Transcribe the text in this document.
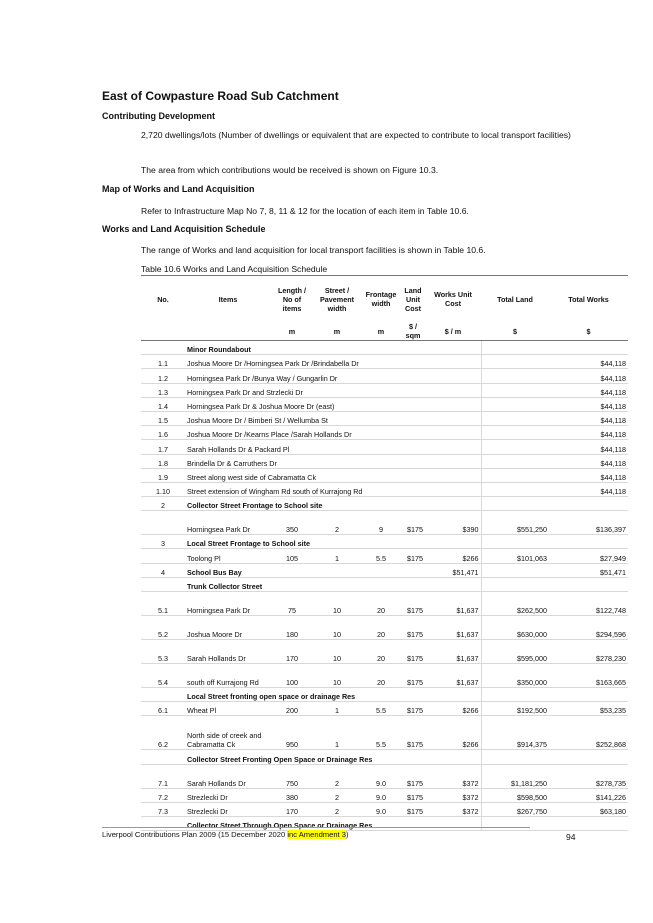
East of Cowpasture Road Sub Catchment
Contributing Development
2,720 dwellings/lots (Number of dwellings or equivalent that are expected to contribute to local transport facilities)
The area from which contributions would be received is shown on Figure 10.3.
Map of Works and Land Acquisition
Refer to Infrastructure Map No 7, 8, 11 & 12 for the location of each item in Table 10.6.
Works and Land Acquisition Schedule
The range of Works and land acquisition for local transport facilities is shown in Table 10.6.
Table 10.6 Works and Land Acquisition Schedule
No.	Items	Length / No of items	Street / Pavement width	Frontage width	Land Unit Cost	Works Unit Cost	Total Land	Total Works
		m	m	m	$ / sqm	$ / m	$	$
	Minor Roundabout							
1.1	Joshua Moore Dr /Horningsea Park Dr /Brindabella Dr							$44,118
1.2	Horningsea Park Dr /Bunya Way / Gungarlin Dr							$44,118
1.3	Horningsea Park Dr and Strzlecki Dr							$44,118
1.4	Horningsea Park Dr & Joshua Moore Dr (east)							$44,118
1.5	Joshua Moore Dr / Bimberi St / Wellumba St							$44,118
1.6	Joshua Moore Dr /Kearns Place /Sarah Hollands Dr							$44,118
1.7	Sarah Hollands Dr & Packard Pl							$44,118
1.8	Brindella Dr & Carruthers Dr							$44,118
1.9	Street along west side of Cabramatta Ck							$44,118
1.10	Street extension of Wingham Rd south of Kurrajong Rd							$44,118
2	Collector Street Frontage to School site							
	Horningsea Park Dr	350	2	9	$175	$390	$551,250	$136,397
3	Local Street Frontage to School site							
	Toolong Pl	105	1	5.5	$175	$266	$101,063	$27,949
4	School Bus Bay					$51,471		$51,471
	Trunk Collector Street							
5.1	Horningsea Park Dr	75	10	20	$175	$1,637	$262,500	$122,748
5.2	Joshua Moore Dr	180	10	20	$175	$1,637	$630,000	$294,596
5.3	Sarah Hollands Dr	170	10	20	$175	$1,637	$595,000	$278,230
5.4	south off Kurrajong Rd	100	10	20	$175	$1,637	$350,000	$163,665
	Local Street fronting open space or drainage Res							
6.1	Wheat Pl	200	1	5.5	$175	$266	$192,500	$53,235
6.2	North side of creek and Cabramatta Ck	950	1	5.5	$175	$266	$914,375	$252,868
	Collector Street Fronting Open Space or Drainage Res							
7.1	Sarah Hollands Dr	750	2	9.0	$175	$372	$1,181,250	$278,735
7.2	Strezlecki Dr	380	2	9.0	$175	$372	$598,500	$141,226
7.3	Strezlecki Dr	170	2	9.0	$175	$372	$267,750	$63,180
	Collector Street Through Open Space or Drainage Res							
Liverpool Contributions Plan 2009 (15 December 2020 inc Amendment 3)	94
